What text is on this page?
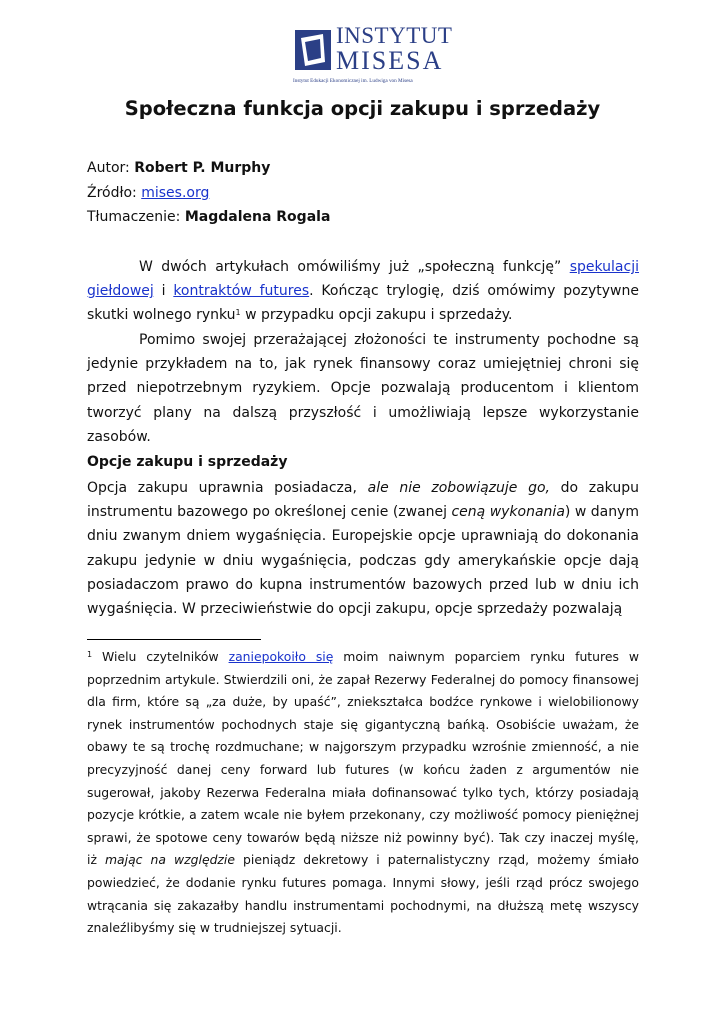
INSTYTUT
MISESA
Instytut Edukacji Ekonomicznej im. Ludwiga von Misesa
Społeczna funkcja opcji zakupu i sprzedaży
Autor: Robert P. Murphy
Źródło: mises.org
Tłumaczenie: Magdalena Rogala

W dwóch artykułach omówiliśmy już „społeczną funkcję” spekulacji giełdowej i kontraktów futures. Kończąc trylogię, dziś omówimy pozytywne skutki wolnego rynku$^1$ w przypadku opcji zakupu i sprzedaży.

Pomimo swojej przerażającej złożoności te instrumenty pochodne są jedynie przykładem na to, jak rynek finansowy coraz umiejętniej chroni się przed niepotrzebnym ryzykiem. Opcje pozwalają producentom i klientom tworzyć plany na dalszą przyszłość i umożliwiają lepsze wykorzystanie zasobów.

Opcje zakupu i sprzedaży

Opcja zakupu uprawnia posiadacza, ale nie zobowiązuje go, do zakupu instrumentu bazowego po określonej cenie (zwanej ceną wykonania) w danym dniu zwanym dniem wygaśnięcia. Europejskie opcje uprawniają do dokonania zakupu jedynie w dniu wygaśnięcia, podczas gdy amerykańskie opcje dają posiadaczom prawo do kupna instrumentów bazowych przed lub w dniu ich wygaśnięcia. W przeciwieństwie do opcji zakupu, opcje sprzedaży pozwalają

$^1$ Wielu czytelników zaniepokoiło się moim naiwnym poparciem rynku futures w poprzednim artykule. Stwierdzili oni, że zapał Rezerwy Federalnej do pomocy finansowej dla firm, które są „za duże, by upaść”, zniekształca bodźce rynkowe i wielobilionowy rynek instrumentów pochodnych staje się gigantyczną bańką. Osobiście uważam, że obawy te są trochę rozdmuchane; w najgorszym przypadku wzrośnie zmienność, a nie precyzyjność danej ceny forward lub futures (w końcu żaden z argumentów nie sugerował, jakoby Rezerwa Federalna miała dofinansować tylko tych, którzy posiadają pozycje krótkie, a zatem wcale nie byłem przekonany, czy możliwość pomocy pieniężnej sprawi, że spotowe ceny towarów będą niższe niż powinny być). Tak czy inaczej myślę, iż mając na względzie pieniądz dekretowy i paternalistyczny rząd, możemy śmiało powiedzieć, że dodanie rynku futures pomaga. Innymi słowy, jeśli rząd prócz swojego wtrącania się zakazałby handlu instrumentami pochodnymi, na dłuższą metę wszyscy znaleźlibyśmy się w trudniejszej sytuacji.
